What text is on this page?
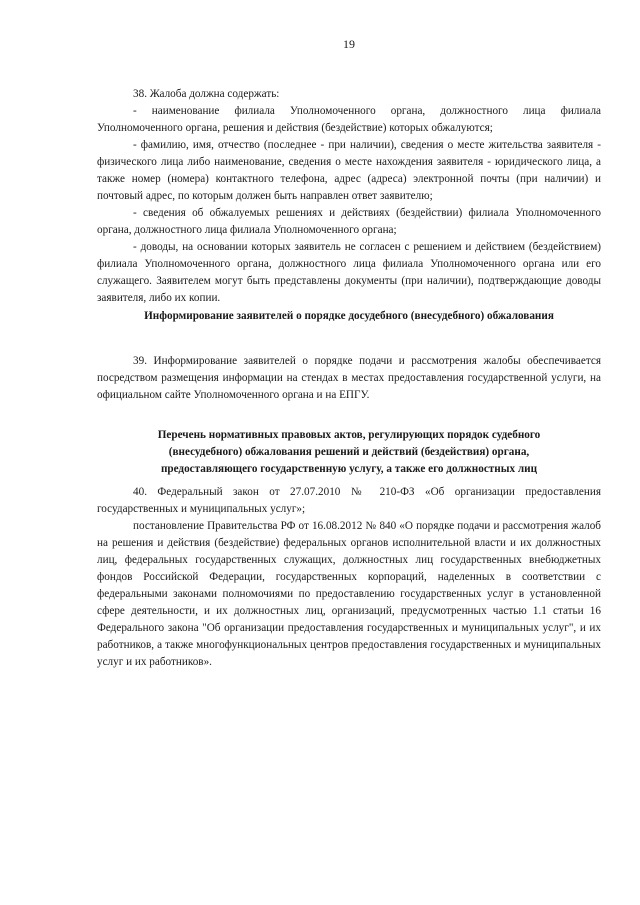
19

38. Жалоба должна содержать:

- наименование филиала Уполномоченного органа, должностного лица филиала Уполномоченного органа, решения и действия (бездействие) которых обжалуются;

- фамилию, имя, отчество (последнее - при наличии), сведения о месте жительства заявителя - физического лица либо наименование, сведения о месте нахождения заявителя - юридического лица, а также номер (номера) контактного телефона, адрес (адреса) электронной почты (при наличии) и почтовый адрес, по которым должен быть направлен ответ заявителю;

- сведения об обжалуемых решениях и действиях (бездействии) филиала Уполномоченного органа, должностного лица филиала Уполномоченного органа;

- доводы, на основании которых заявитель не согласен с решением и действием (бездействием) филиала Уполномоченного органа, должностного лица филиала Уполномоченного органа или его служащего. Заявителем могут быть представлены документы (при наличии), подтверждающие доводы заявителя, либо их копии.

Информирование заявителей о порядке досудебного (внесудебного) обжалования

39. Информирование заявителей о порядке подачи и рассмотрения жалобы обеспечивается посредством размещения информации на стендах в местах предоставления государственной услуги, на официальном сайте Уполномоченного органа и на ЕПГУ.

Перечень нормативных правовых актов, регулирующих порядок судебного (внесудебного) обжалования решений и действий (бездействия) органа, предоставляющего государственную услугу, а также его должностных лиц

40. Федеральный закон от 27.07.2010 № 210-ФЗ «Об организации предоставления государственных и муниципальных услуг»;

постановление Правительства РФ от 16.08.2012 № 840 «О порядке подачи и рассмотрения жалоб на решения и действия (бездействие) федеральных органов исполнительной власти и их должностных лиц, федеральных государственных служащих, должностных лиц государственных внебюджетных фондов Российской Федерации, государственных корпораций, наделенных в соответствии с федеральными законами полномочиями по предоставлению государственных услуг в установленной сфере деятельности, и их должностных лиц, организаций, предусмотренных частью 1.1 статьи 16 Федерального закона "Об организации предоставления государственных и муниципальных услуг", и их работников, а также многофункциональных центров предоставления государственных и муниципальных услуг и их работников».
